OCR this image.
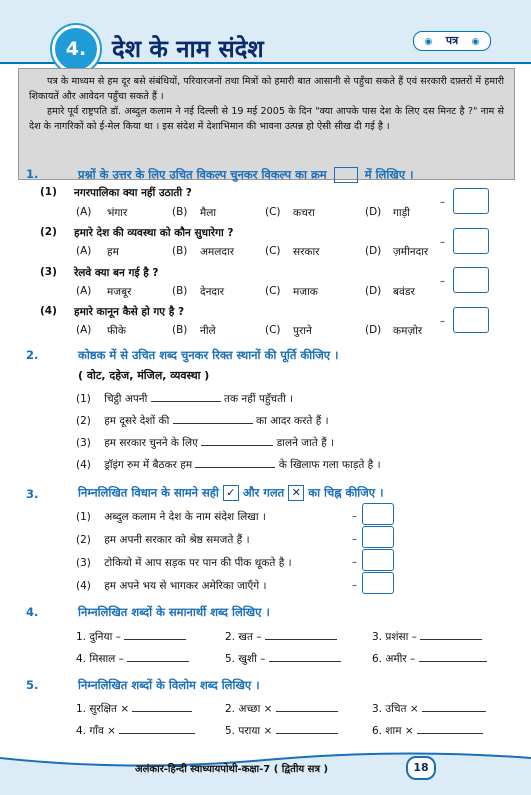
4.	देश के नाम संदेश	◉ पत्र ◉

पत्र के माध्यम से हम दूर बसे संबंधियों, परिवारजनों तथा मित्रों को हमारी बात आसानी से पहुँचा सकते हैं एवं सरकारी दफ़्तरों में हमारी शिकायतें और आवेदन पहुँचा सकते हैं ।

हमारे पूर्व राष्ट्रपति डॉ. अब्दुल कलाम ने नई दिल्ली से 19 मई 2005 के दिन "क्या आपके पास देश के लिए दस मिनट है ?" नाम से देश के नागरिकों को ई-मेल किया था । इस संदेश में देशाभिमान की भावना उत्पन्न हो ऐसी सीख दी गई है ।

1.	प्रश्नों के उत्तर के लिए उचित विकल्प चुनकर विकल्प का क्रम	में लिखिए ।
(1) नगरपालिका क्या नहीं उठाती ?
(A) भंगार	(B) मैला	(C) कचरा	(D) गाड़ी
–
(2) हमारे देश की व्यवस्था को कौन सुधारेगा ?
(A) हम	(B) अमलदार	(C) सरकार	(D) ज़मीनदार
–
(3) रेलवे क्या बन गई है ?
(A) मजबूर	(B) देनदार	(C) मजाक	(D) बवंडर
–
(4) हमारे कानून कैसे हो गए है ?
(A) फीके	(B) नीले	(C) पुराने	(D) कमज़ोर
–
2.	कोष्ठक में से उचित शब्द चुनकर रिक्त स्थानों की पूर्ति कीजिए ।
( वोट, दहेज, मंजिल, व्यवस्था )
(1) चिट्ठी अपनी	तक नहीं पहुँचती ।
(2) हम दूसरे देशों की	का आदर करते हैं ।
(3) हम सरकार चुनने के लिए	डालने जाते हैं ।
(4) ड्रॉइंग रुम में बैठकर हम	के खिलाफ गला फाड़ते है ।
3.	निम्नलिखित विधान के सामने सही ✓ और गलत ✕ का चिह्न कीजिए ।
(1) अब्दुल कलाम ने देश के नाम संदेश लिखा ।	–
(2) हम अपनी सरकार को श्रेष्ठ समजते हैं ।	–
(3) टोकियो में आप सड़क पर पान की पीक थूकते है ।	–
(4) हम अपने भय से भागकर अमेरिका जाएँगे ।	–
4.	निम्नलिखित शब्दों के समानार्थी शब्द लिखिए ।
1. दुनिया –	2. खत –	3. प्रशंसा –
4. मिसाल –	5. खुशी –	6. अमीर –
5.	निम्नलिखित शब्दों के विलोम शब्द लिखिए ।
1. सुरक्षित ×	2. अच्छा ×	3. उचित ×
4. गाँव ×	5. पराया ×	6. शाम ×
अलंकार-हिन्दी स्वाध्यायपोथी-कक्षा-7 ( द्वितीय सत्र )	18
